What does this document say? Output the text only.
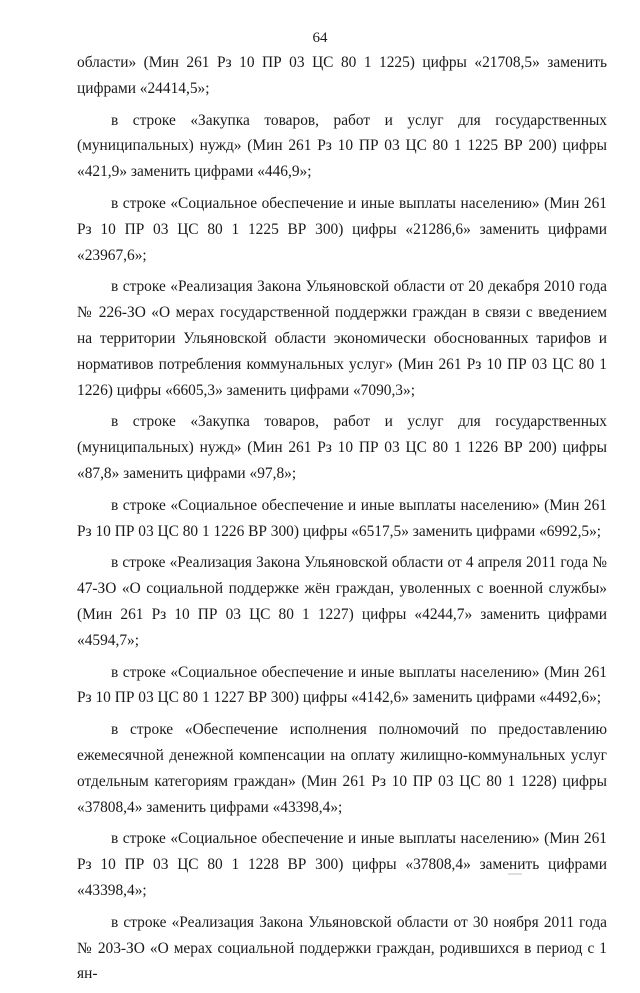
64

области» (Мин 261 Рз 10 ПР 03 ЦС 80 1 1225) цифры «21708,5» заменить цифрами «24414,5»;

в строке «Закупка товаров, работ и услуг для государственных (муниципальных) нужд» (Мин 261 Рз 10 ПР 03 ЦС 80 1 1225 ВР 200) цифры «421,9» заменить цифрами «446,9»;

в строке «Социальное обеспечение и иные выплаты населению» (Мин 261 Рз 10 ПР 03 ЦС 80 1 1225 ВР 300) цифры «21286,6» заменить цифрами «23967,6»;

в строке «Реализация Закона Ульяновской области от 20 декабря 2010 года № 226-ЗО «О мерах государственной поддержки граждан в связи с введением на территории Ульяновской области экономически обоснованных тарифов и нормативов потребления коммунальных услуг» (Мин 261 Рз 10 ПР 03 ЦС 80 1 1226) цифры «6605,3» заменить цифрами «7090,3»;

в строке «Закупка товаров, работ и услуг для государственных (муниципальных) нужд» (Мин 261 Рз 10 ПР 03 ЦС 80 1 1226 ВР 200) цифры «87,8» заменить цифрами «97,8»;

в строке «Социальное обеспечение и иные выплаты населению» (Мин 261 Рз 10 ПР 03 ЦС 80 1 1226 ВР 300) цифры «6517,5» заменить цифрами «6992,5»;

в строке «Реализация Закона Ульяновской области от 4 апреля 2011 года № 47-ЗО «О социальной поддержке жён граждан, уволенных с военной службы» (Мин 261 Рз 10 ПР 03 ЦС 80 1 1227) цифры «4244,7» заменить цифрами «4594,7»;

в строке «Социальное обеспечение и иные выплаты населению» (Мин 261 Рз 10 ПР 03 ЦС 80 1 1227 ВР 300) цифры «4142,6» заменить цифрами «4492,6»;

в строке «Обеспечение исполнения полномочий по предоставлению ежемесячной денежной компенсации на оплату жилищно-коммунальных услуг отдельным категориям граждан» (Мин 261 Рз 10 ПР 03 ЦС 80 1 1228) цифры «37808,4» заменить цифрами «43398,4»;

в строке «Социальное обеспечение и иные выплаты населению» (Мин 261 Рз 10 ПР 03 ЦС 80 1 1228 ВР 300) цифры «37808,4» заменить цифрами «43398,4»;

в строке «Реализация Закона Ульяновской области от 30 ноября 2011 года № 203-ЗО «О мерах социальной поддержки граждан, родившихся в период с 1 ян-
